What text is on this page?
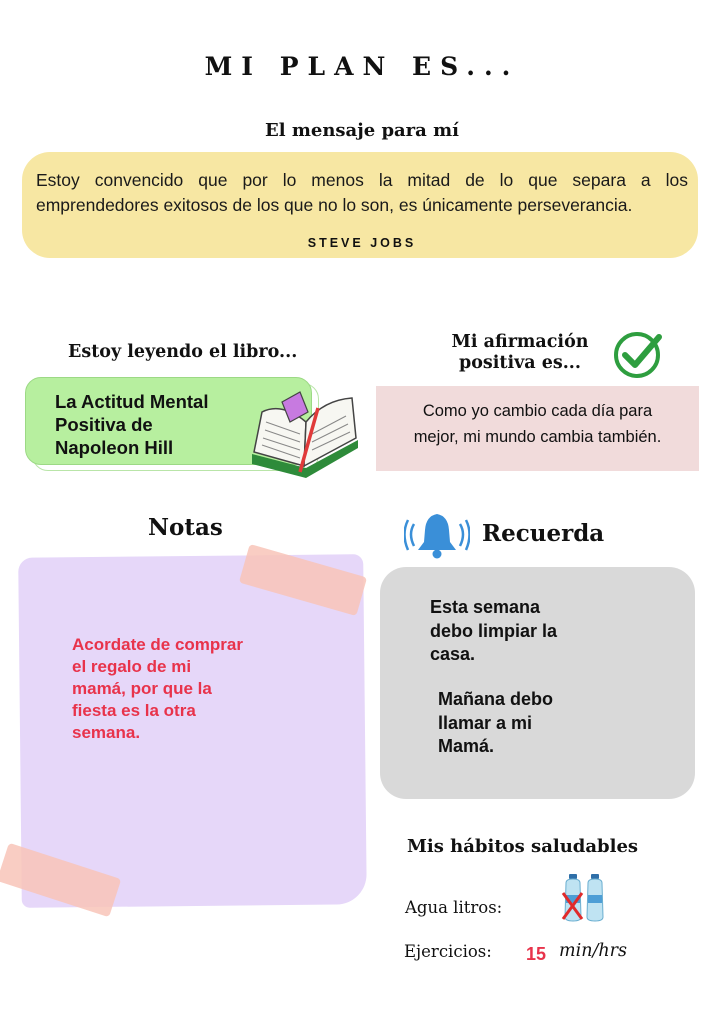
MI PLAN ES...
El mensaje para mí
Estoy convencido que por lo menos la mitad de lo que separa a los
emprendedores exitosos de los que no lo son, es únicamente perseverancia.
STEVE JOBS
Estoy leyendo el libro...
La Actitud Mental
Positiva de
Napoleon Hill
Mi afirmación
positiva es...
Como yo cambio cada día para
mejor, mi mundo cambia también.
Notas
Acordate de comprar
el regalo de mi
mamá, por que la
fiesta es la otra
semana.
Recuerda
Esta semana
debo limpiar la
casa.
Mañana debo
llamar a mi
Mamá.
Mis hábitos saludables
Agua litros:
Ejercicios: 15 min/hrs
